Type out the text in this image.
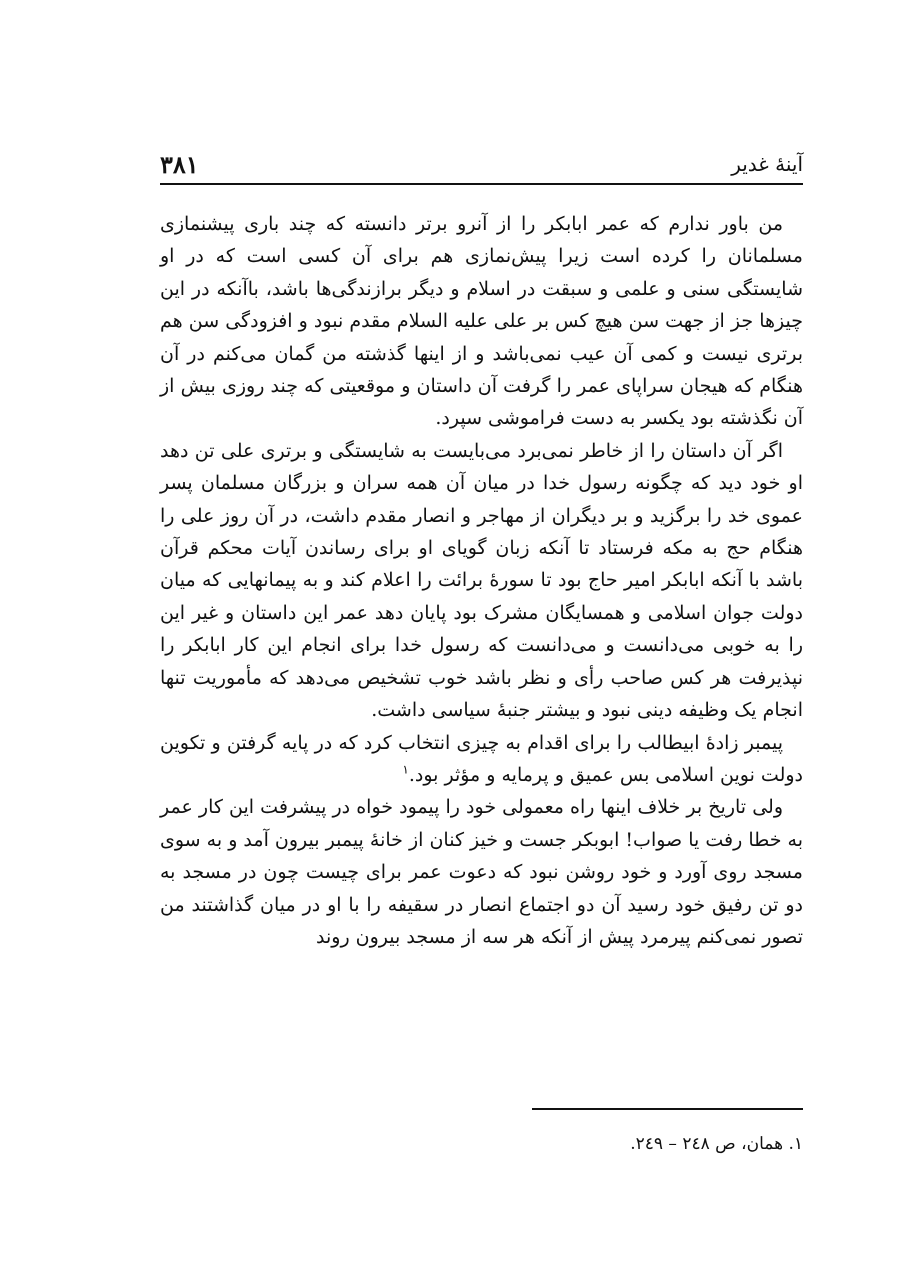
آينهٔ غدير
۳۸۱

من باور ندارم که عمر ابابکر را از آنرو برتر دانسته که چند باری پيشنمازی مسلمانان را کرده است زيرا پيش‌نمازی هم برای آن کسی است که در او شايستگی سنی و علمی و سبقت در اسلام و ديگر برازندگی‌ها باشد، باآنکه در اين چيزها جز از جهت سن هيچ کس بر علی عليه السلام مقدم نبود و افزودگی سن هم برتری نيست و کمی آن عيب نمی‌باشد و از اينها گذشته من گمان می‌کنم در آن هنگام که هيجان سراپای عمر را گرفت آن داستان و موقعيتی که چند روزی بيش از آن نگذشته بود يکسر به دست فراموشی سپرد.

اگر آن داستان را از خاطر نمی‌برد می‌بايست به شايستگی و برتری علی تن دهد او خود ديد که چگونه رسول خدا در ميان آن همه سران و بزرگان مسلمان پسر عموی خد را برگزيد و بر ديگران از مهاجر و انصار مقدم داشت، در آن روز علی را هنگام حج به مکه فرستاد تا آنکه زبان گويای او برای رساندن آيات محکم قرآن باشد با آنکه ابابکر امير حاج بود تا سورهٔ برائت را اعلام کند و به پيمانهايی که ميان دولت جوان اسلامی و همسايگان مشرک بود پايان دهد عمر اين داستان و غير اين را به خوبی می‌دانست و می‌دانست که رسول خدا برای انجام اين کار ابابکر را نپذيرفت هر کس صاحب رأی و نظر باشد خوب تشخيص می‌دهد که مأموريت تنها انجام يک وظيفه دينی نبود و بيشتر جنبهٔ سياسی داشت.

پيمبر زادهٔ ابيطالب را برای اقدام به چيزی انتخاب کرد که در پايه گرفتن و تکوين دولت نوين اسلامی بس عميق و پرمايه و مؤثر بود.$^۱$

ولی تاريخ بر خلاف اينها راه معمولی خود را پيمود خواه در پيشرفت اين کار عمر به خطا رفت يا صواب! ابوبکر جست و خيز کنان از خانهٔ پيمبر بيرون آمد و به سوی مسجد روی آورد و خود روشن نبود که دعوت عمر برای چيست چون در مسجد به دو تن رفيق خود رسيد آن دو اجتماع انصار در سقيفه را با او در ميان گذاشتند من تصور نمی‌کنم پيرمرد پيش از آنکه هر سه از مسجد بيرون روند

۱. همان، ص ۲٤۸ – ۲٤۹.
